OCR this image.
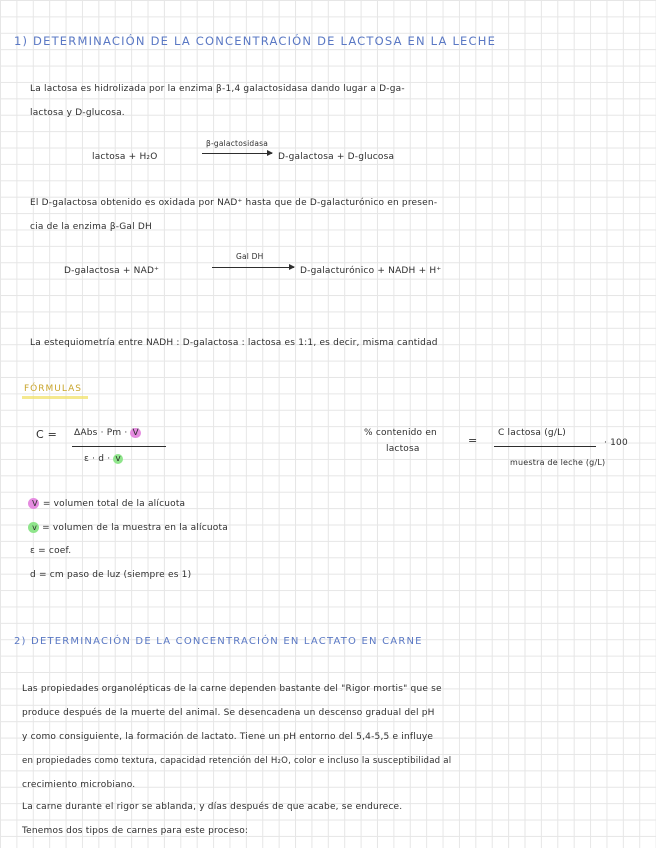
1) DETERMINACIÓN DE LA CONCENTRACIÓN DE LACTOSA EN LA LECHE
La lactosa es hidrolizada por la enzima β-1,4 galactosidasa dando lugar a D-ga-
lactosa y D-glucosa.
lactosa + H₂O
β-galactosidasa
D-galactosa + D-glucosa
El D-galactosa obtenido es oxidada por NAD⁺ hasta que de D-galacturónico en presen-
cia de la enzima β-Gal DH
D-galactosa + NAD⁺
Gal DH
D-galacturónico + NADH + H⁺
La estequiometría entre NADH : D-galactosa : lactosa es 1:1, es decir, misma cantidad
FÓRMULAS
C = ΔAbs · Pm · V
ε · d · v
% contenido en
lactosa
=
C lactosa (g/L)
muestra de leche (g/L)
· 100
V = volumen total de la alícuota
v = volumen de la muestra en la alícuota
ε = coef.
d = cm paso de luz (siempre es 1)
2) DETERMINACIÓN DE LA CONCENTRACIÓN EN LACTATO EN CARNE
Las propiedades organolépticas de la carne dependen bastante del "Rigor mortis" que se
produce después de la muerte del animal. Se desencadena un descenso gradual del pH
y como consiguiente, la formación de lactato. Tiene un pH entorno del 5,4-5,5 e influye
en propiedades como textura, capacidad retención del H₂O, color e incluso la susceptibilidad al
crecimiento microbiano.
La carne durante el rigor se ablanda, y días después de que acabe, se endurece.
Tenemos dos tipos de carnes para este proceso:
